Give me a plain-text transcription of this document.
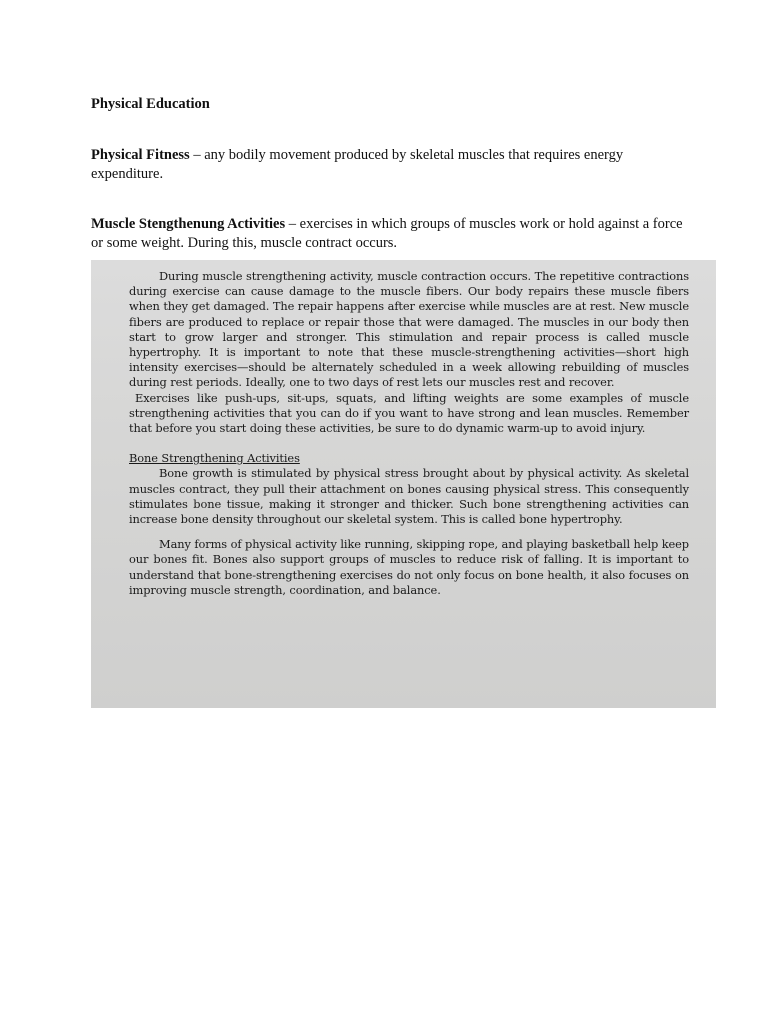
Physical Education

Physical Fitness – any bodily movement produced by skeletal muscles that requires energy expenditure.

Muscle Stengthenung Activities – exercises in which groups of muscles work or hold against a force or some weight. During this, muscle contract occurs.

During muscle strengthening activity, muscle contraction occurs. The repetitive contractions during exercise can cause damage to the muscle fibers. Our body repairs these muscle fibers when they get damaged. The repair happens after exercise while muscles are at rest. New muscle fibers are produced to replace or repair those that were damaged. The muscles in our body then start to grow larger and stronger. This stimulation and repair process is called muscle hypertrophy. It is important to note that these muscle-strengthening activities—short high intensity exercises—should be alternately scheduled in a week allowing rebuilding of muscles during rest periods. Ideally, one to two days of rest lets our muscles rest and recover.

Exercises like push-ups, sit-ups, squats, and lifting weights are some examples of muscle strengthening activities that you can do if you want to have strong and lean muscles. Remember that before you start doing these activities, be sure to do dynamic warm-up to avoid injury.

Bone Strengthening Activities

Bone growth is stimulated by physical stress brought about by physical activity. As skeletal muscles contract, they pull their attachment on bones causing physical stress. This consequently stimulates bone tissue, making it stronger and thicker. Such bone strengthening activities can increase bone density throughout our skeletal system. This is called bone hypertrophy.

Many forms of physical activity like running, skipping rope, and playing basketball help keep our bones fit. Bones also support groups of muscles to reduce risk of falling. It is important to understand that bone-strengthening exercises do not only focus on bone health, it also focuses on improving muscle strength, coordination, and balance.
